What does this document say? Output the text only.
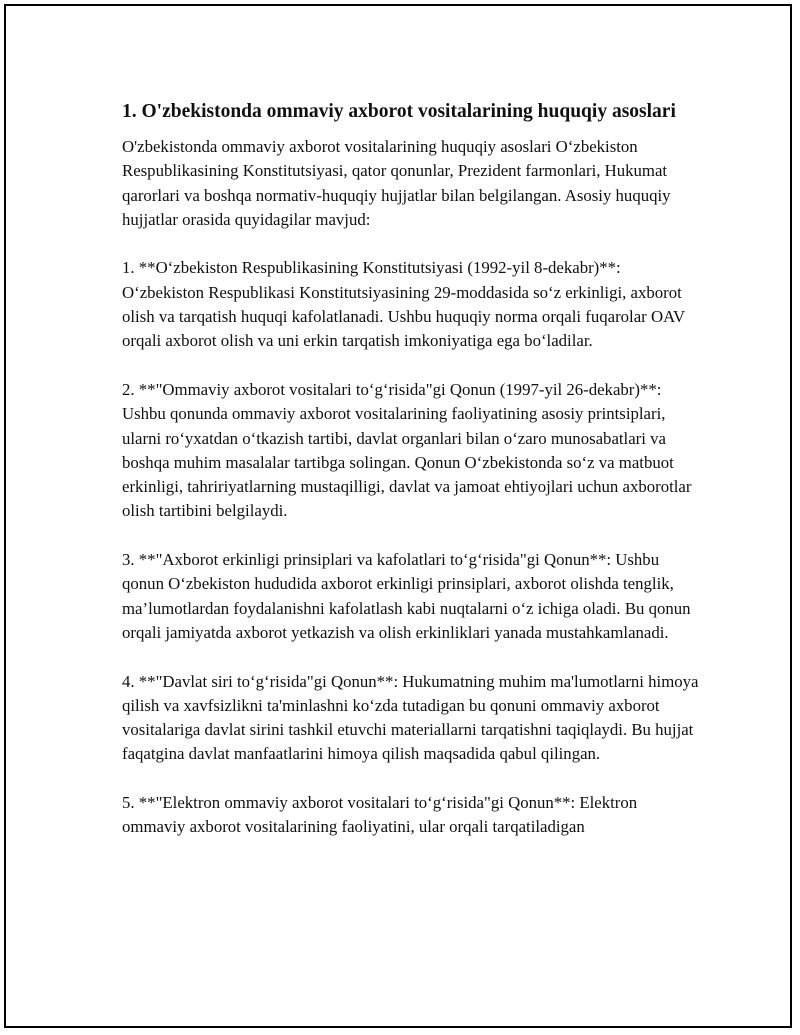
1. O'zbekistonda ommaviy axborot vositalarining huquqiy asoslari

O'zbekistonda ommaviy axborot vositalarining huquqiy asoslari O‘zbekiston Respublikasining Konstitutsiyasi, qator qonunlar, Prezident farmonlari, Hukumat qarorlari va boshqa normativ-huquqiy hujjatlar bilan belgilangan. Asosiy huquqiy hujjatlar orasida quyidagilar mavjud:

1. **O‘zbekiston Respublikasining Konstitutsiyasi (1992-yil 8-dekabr)**: O‘zbekiston Respublikasi Konstitutsiyasining 29-moddasida so‘z erkinligi, axborot olish va tarqatish huquqi kafolatlanadi. Ushbu huquqiy norma orqali fuqarolar OAV orqali axborot olish va uni erkin tarqatish imkoniyatiga ega bo‘ladilar.

2. **"Ommaviy axborot vositalari to‘g‘risida"gi Qonun (1997-yil 26-dekabr)**: Ushbu qonunda ommaviy axborot vositalarining faoliyatining asosiy printsiplari, ularni ro‘yxatdan o‘tkazish tartibi, davlat organlari bilan o‘zaro munosabatlari va boshqa muhim masalalar tartibga solingan. Qonun O‘zbekistonda so‘z va matbuot erkinligi, tahririyatlarning mustaqilligi, davlat va jamoat ehtiyojlari uchun axborotlar olish tartibini belgilaydi.

3. **"Axborot erkinligi prinsiplari va kafolatlari to‘g‘risida"gi Qonun**: Ushbu qonun O‘zbekiston hududida axborot erkinligi prinsiplari, axborot olishda tenglik, ma’lumotlardan foydalanishni kafolatlash kabi nuqtalarni o‘z ichiga oladi. Bu qonun orqali jamiyatda axborot yetkazish va olish erkinliklari yanada mustahkamlanadi.

4. **"Davlat siri to‘g‘risida"gi Qonun**: Hukumatning muhim ma'lumotlarni himoya qilish va xavfsizlikni ta'minlashni ko‘zda tutadigan bu qonuni ommaviy axborot vositalariga davlat sirini tashkil etuvchi materiallarni tarqatishni taqiqlaydi. Bu hujjat faqatgina davlat manfaatlarini himoya qilish maqsadida qabul qilingan.

5. **"Elektron ommaviy axborot vositalari to‘g‘risida"gi Qonun**: Elektron ommaviy axborot vositalarining faoliyatini, ular orqali tarqatiladigan
